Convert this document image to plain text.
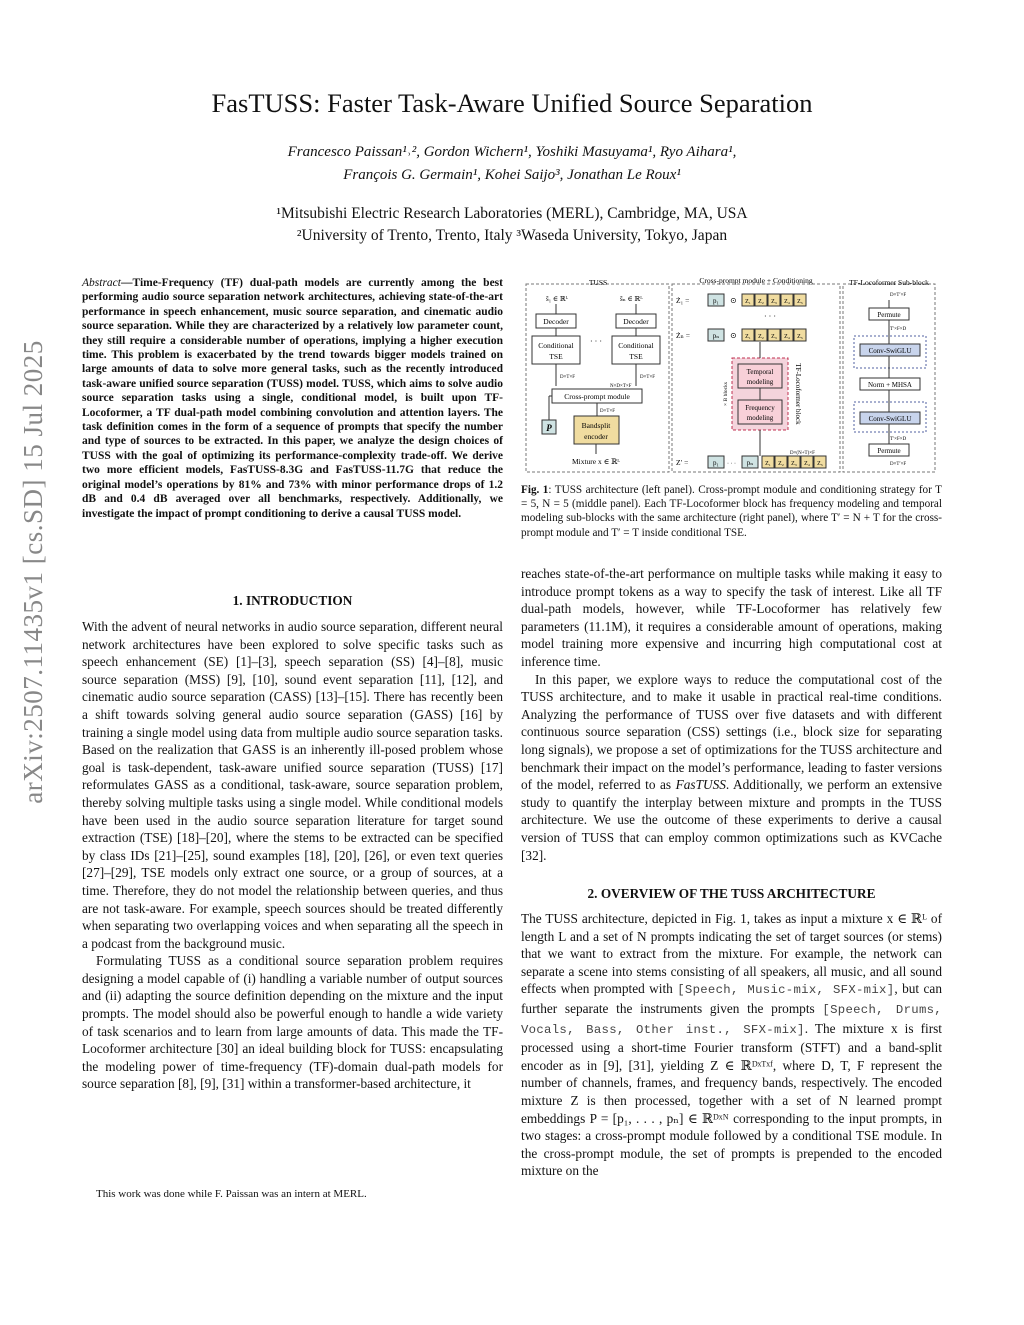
arXiv:2507.11435v1 [cs.SD] 15 Jul 2025
FasTUSS: Faster Task-Aware Unified Source Separation
Francesco Paissan¹˒², Gordon Wichern¹, Yoshiki Masuyama¹, Ryo Aihara¹,
François G. Germain¹, Kohei Saijo³, Jonathan Le Roux¹
¹Mitsubishi Electric Research Laboratories (MERL), Cambridge, MA, USA
²University of Trento, Trento, Italy ³Waseda University, Tokyo, Japan
Abstract—Time-Frequency (TF) dual-path models are currently among the best performing audio source separation network architectures, achieving state-of-the-art performance in speech enhancement, music source separation, and cinematic audio source separation. While they are characterized by a relatively low parameter count, they still require a considerable number of operations, implying a higher execution time. This problem is exacerbated by the trend towards bigger models trained on large amounts of data to solve more general tasks, such as the recently introduced task-aware unified source separation (TUSS) model. TUSS, which aims to solve audio source separation tasks using a single, conditional model, is built upon TF-Locoformer, a TF dual-path model combining convolution and attention layers. The task definition comes in the form of a sequence of prompts that specify the number and type of sources to be extracted. In this paper, we analyze the design choices of TUSS with the goal of optimizing its performance-complexity trade-off. We derive two more efficient models, FasTUSS-8.3G and FasTUSS-11.7G that reduce the original model’s operations by 81% and 73% with minor performance drops of 1.2 dB and 0.4 dB averaged over all benchmarks, respectively. Additionally, we investigate the impact of prompt conditioning to derive a causal TUSS model.
1. INTRODUCTION

With the advent of neural networks in audio source separation, different neural network architectures have been explored to solve specific tasks such as speech enhancement (SE) [1]–[3], speech separation (SS) [4]–[8], music source separation (MSS) [9], [10], sound event separation [11], [12], and cinematic audio source separation (CASS) [13]–[15]. There has recently been a shift towards solving general audio source separation (GASS) [16] by training a single model using data from multiple audio source separation tasks. Based on the realization that GASS is an inherently ill-posed problem whose goal is task-dependent, task-aware unified source separation (TUSS) [17] reformulates GASS as a conditional, task-aware, source separation problem, thereby solving multiple tasks using a single model. While conditional models have been used in the audio source separation literature for target sound extraction (TSE) [18]–[20], where the stems to be extracted can be specified by class IDs [21]–[25], sound examples [18], [20], [26], or even text queries [27]–[29], TSE models only extract one source, or a group of sources, at a time. Therefore, they do not model the relationship between queries, and thus are not task-aware. For example, speech sources should be treated differently when separating two overlapping voices and when separating all the speech in a podcast from the background music.

Formulating TUSS as a conditional source separation problem requires designing a model capable of (i) handling a variable number of output sources and (ii) adapting the source definition depending on the mixture and the input prompts. The model should also be powerful enough to handle a wide variety of task scenarios and to learn from large amounts of data. This made the TF-Locoformer architecture [30] an ideal building block for TUSS: encapsulating the modeling power of time-frequency (TF)-domain dual-path models for source separation [8], [9], [31] within a transformer-based architecture, it

This work was done while F. Paissan was an intern at MERL.
TUSS
ŝ₁ ∈ ℝᴸ	ŝₙ ∈ ℝᴸ
Decoder	Decoder
Conditional
TSE
Conditional
TSE
· · ·
D×T×F	D×T×F
N×D×T×F
Cross-prompt module
D×T×F
Bandsplit
encoder
P
Mixture x ∈ ℝᴸ
Cross-prompt module + Conditioning
Ż₁ =	p₁ ⊙ Z₁ Z₂ Z₃ Z₄ Z₅
· · ·
Żₙ =	pₙ ⊙ Z₁ Z₂ Z₃ Z₄ Z₅
Temporal
modeling
Frequency
modeling
× B blocks	TF-Locoformer block
D×(N+T)×F
Z′ =	p₁ · · · pₙ Z₁ Z₂ Z₃ Z₄ Z₅
TF-Locoformer Sub-block
D×T′×F
Permute
T′×F×D
Conv-SwiGLU
Norm + MHSA
Conv-SwiGLU
T′×F×D
Permute
D×T′×F
Fig. 1: TUSS architecture (left panel). Cross-prompt module and conditioning strategy for T = 5, N = 5 (middle panel). Each TF-Locoformer block has frequency modeling and temporal modeling sub-blocks with the same architecture (right panel), where T′ = N + T for the cross-prompt module and T′ = T inside conditional TSE.

reaches state-of-the-art performance on multiple tasks while making it easy to introduce prompt tokens as a way to specify the task of interest. Like all TF dual-path models, however, while TF-Locoformer has relatively few parameters (11.1M), it requires a considerable amount of operations, making model training more expensive and incurring high computational cost at inference time.

In this paper, we explore ways to reduce the computational cost of the TUSS architecture, and to make it usable in practical real-time conditions. Analyzing the performance of TUSS over five datasets and with different continuous source separation (CSS) settings (i.e., block size for separating long signals), we propose a set of optimizations for the TUSS architecture and benchmark their impact on the model’s performance, leading to faster versions of the model, referred to as FasTUSS. Additionally, we perform an extensive study to quantify the interplay between mixture and prompts in the TUSS architecture. We use the outcome of these experiments to derive a causal version of TUSS that can employ common optimizations such as KVCache [32].

2. OVERVIEW OF THE TUSS ARCHITECTURE

The TUSS architecture, depicted in Fig. 1, takes as input a mixture x ∈ ℝᴸ of length L and a set of N prompts indicating the set of target sources (or stems) that we want to extract from the mixture. For example, the network can separate a scene into stems consisting of all speakers, all music, and all sound effects when prompted with [Speech, Music-mix, SFX-mix], but can further separate the instruments given the prompts [Speech, Drums, Vocals, Bass, Other inst., SFX-mix]. The mixture x is first processed using a short-time Fourier transform (STFT) and a band-split encoder as in [9], [31], yielding Z ∈ ℝᴰˣᵀˣᶠ, where D, T, F represent the number of channels, frames, and frequency bands, respectively. The encoded mixture Z is then processed, together with a set of N learned prompt embeddings P = [p₁, . . . , pₙ] ∈ ℝᴰˣᴺ corresponding to the input prompts, in two stages: a cross-prompt module followed by a conditional TSE module. In the cross-prompt module, the set of prompts is prepended to the encoded mixture on the
